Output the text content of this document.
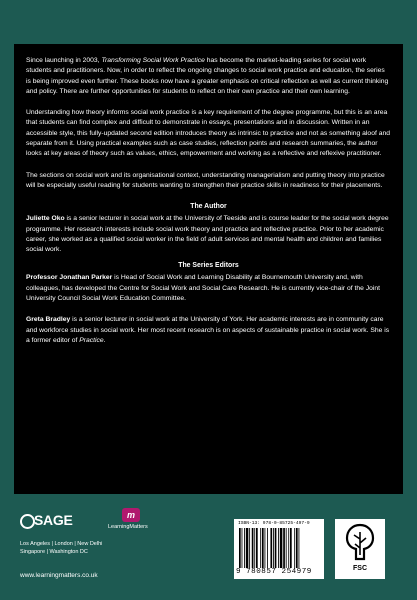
Since launching in 2003, Transforming Social Work Practice has become the market-leading series for social work students and practitioners. Now, in order to reflect the ongoing changes to social work practice and education, the series is being improved even further. These books now have a greater emphasis on critical reflection as well as current thinking and policy. There are further opportunities for students to reflect on their own practice and their own learning.

Understanding how theory informs social work practice is a key requirement of the degree programme, but this is an area that students can find complex and difficult to demonstrate in essays, presentations and in discussion. Written in an accessible style, this fully-updated second edition introduces theory as intrinsic to practice and not as something aloof and separate from it. Using practical examples such as case studies, reflection points and research summaries, the author looks at key areas of theory such as values, ethics, empowerment and working as a reflective and reflexive practitioner.

The sections on social work and its organisational context, understanding managerialism and putting theory into practice will be especially useful reading for students wanting to strengthen their practice skills in readiness for their placements.

The Author

Juliette Oko is a senior lecturer in social work at the University of Teeside and is course leader for the social work degree programme. Her research interests include social work theory and practice and reflective practice. Prior to her academic career, she worked as a qualified social worker in the field of adult services and mental health and children and families social work.

The Series Editors

Professor Jonathan Parker is Head of Social Work and Learning Disability at Bournemouth University and, with colleagues, has developed the Centre for Social Work and Social Care Research. He is currently vice-chair of the Joint University Council Social Work Education Committee.

Greta Bradley is a senior lecturer in social work at the University of York. Her academic interests are in community care and workforce studies in social work. Her most recent research is on aspects of sustainable practice in social work. She is a former editor of Practice.

SAGE	m
LearningMatters
Los Angeles | London | New Delhi Singapore | Washington DC
www.learningmatters.co.uk
ISBN-13: 978-0-85725-497-9
9 780857 254979	FSC
